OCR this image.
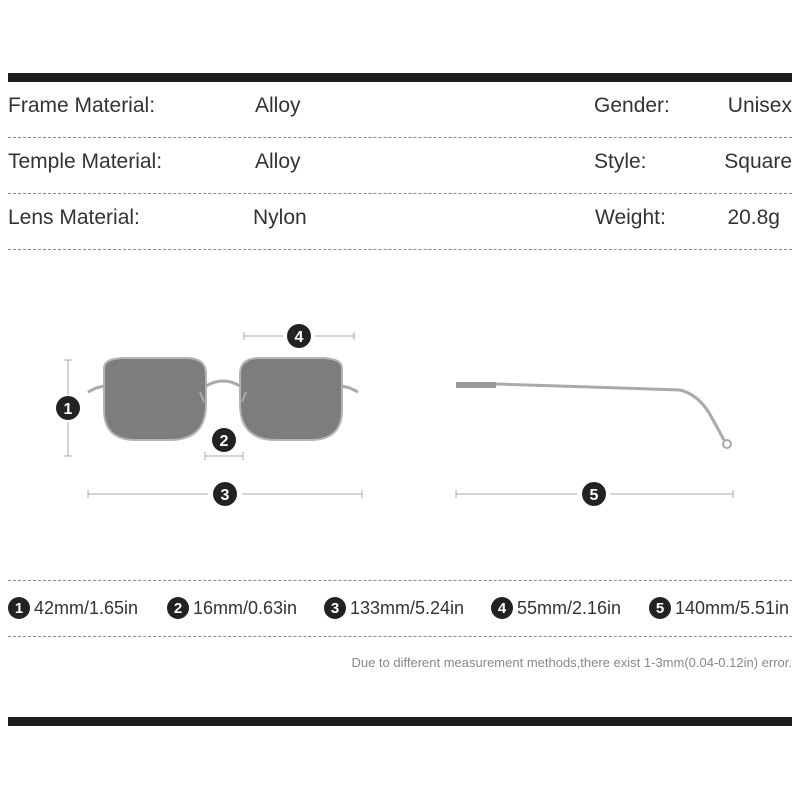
Frame Material:	Alloy	Gender:	Unisex
Temple Material:	Alloy	Style:	Square
Lens Material:	Nylon	Weight:	20.8g
1
2
3
4
5
1 42mm/1.65in	2 16mm/0.63in	3 133mm/5.24in	4 55mm/2.16in	5 140mm/5.51in
Due to different measurement methods,there exist 1-3mm(0.04-0.12in) error.
